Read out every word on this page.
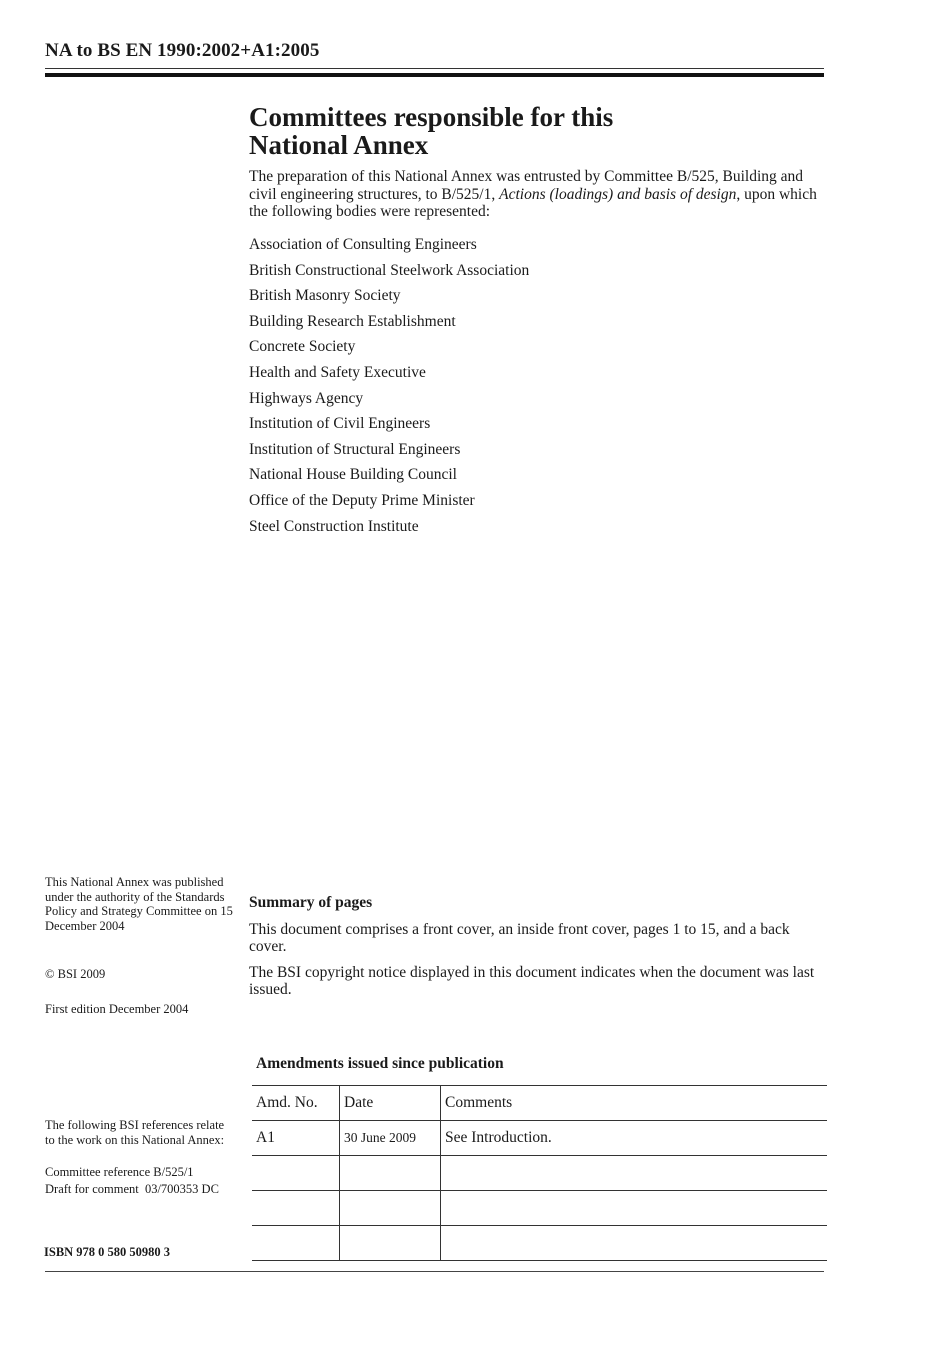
NA to BS EN 1990:2002+A1:2005
Committees responsible for this
National Annex
The preparation of this National Annex was entrusted by Committee B/525, Building and civil engineering structures, to B/525/1, Actions (loadings) and basis of design, upon which the following bodies were represented:
Association of Consulting Engineers
British Constructional Steelwork Association
British Masonry Society
Building Research Establishment
Concrete Society
Health and Safety Executive
Highways Agency
Institution of Civil Engineers
Institution of Structural Engineers
National House Building Council
Office of the Deputy Prime Minister
Steel Construction Institute
This National Annex was published under the authority of the Standards Policy and Strategy Committee on 15 December 2004
© BSI 2009
First edition December 2004
The following BSI references relate to the work on this National Annex:
Committee reference B/525/1
Draft for comment  03/700353 DC
Summary of pages
This document comprises a front cover, an inside front cover, pages 1 to 15, and a back cover.
The BSI copyright notice displayed in this document indicates when the document was last issued.
Amendments issued since publication
Amd. No.	Date	Comments
A1	30 June 2009	See Introduction.

ISBN 978 0 580 50980 3
